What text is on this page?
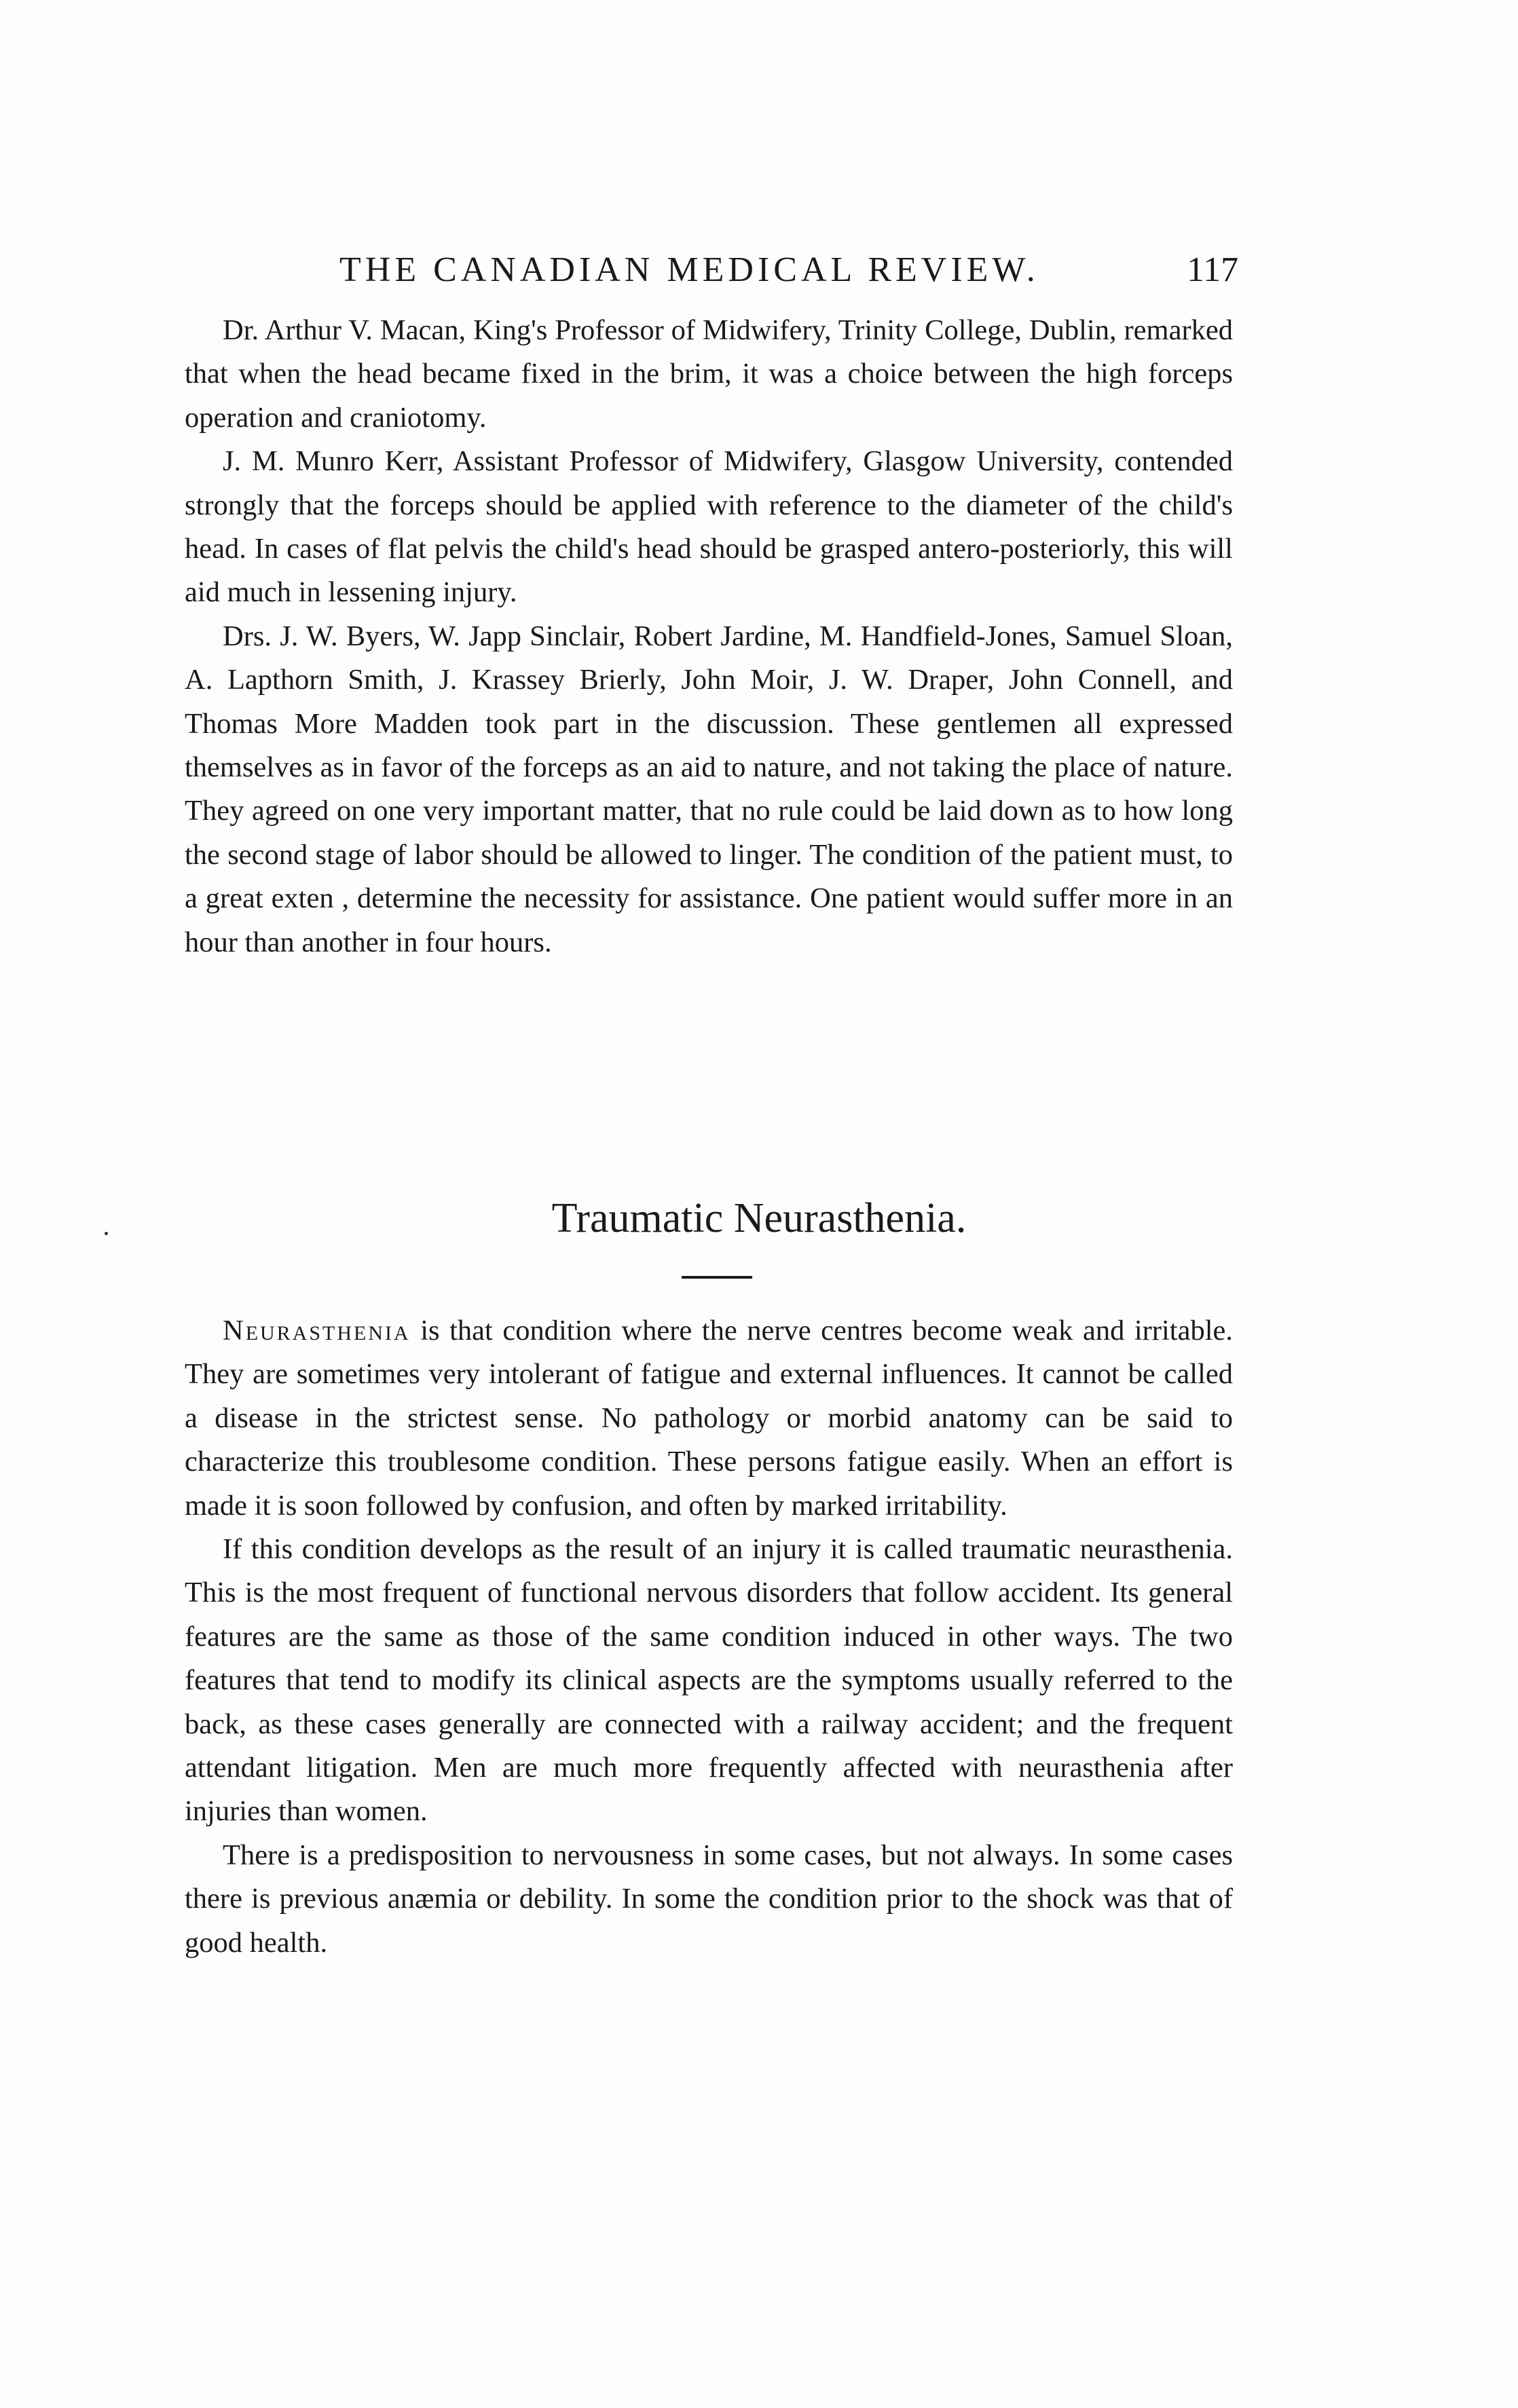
THE CANADIAN MEDICAL REVIEW.	117

Dr. Arthur V. Macan, King's Professor of Midwifery, Trinity College, Dublin, remarked that when the head became fixed in the brim, it was a choice between the high forceps operation and craniotomy.

J. M. Munro Kerr, Assistant Professor of Midwifery, Glasgow University, contended strongly that the forceps should be applied with reference to the diameter of the child's head. In cases of flat pelvis the child's head should be grasped antero-posteriorly, this will aid much in lessening injury.

Drs. J. W. Byers, W. Japp Sinclair, Robert Jardine, M. Handfield-Jones, Samuel Sloan, A. Lapthorn Smith, J. Krassey Brierly, John Moir, J. W. Draper, John Connell, and Thomas More Madden took part in the discussion. These gentlemen all expressed themselves as in favor of the forceps as an aid to nature, and not taking the place of nature. They agreed on one very important matter, that no rule could be laid down as to how long the second stage of labor should be allowed to linger. The condition of the patient must, to a great exten , determine the necessity for assistance. One patient would suffer more in an hour than another in four hours.

Traumatic Neurasthenia.

Neurasthenia is that condition where the nerve centres become weak and irritable. They are sometimes very intolerant of fatigue and external influences. It cannot be called a disease in the strictest sense. No pathology or morbid anatomy can be said to characterize this troublesome condition. These persons fatigue easily. When an effort is made it is soon followed by confusion, and often by marked irritability.

If this condition develops as the result of an injury it is called traumatic neurasthenia. This is the most frequent of functional nervous disorders that follow accident. Its general features are the same as those of the same condition induced in other ways. The two features that tend to modify its clinical aspects are the symptoms usually referred to the back, as these cases generally are connected with a railway accident; and the frequent attendant litigation. Men are much more frequently affected with neurasthenia after injuries than women.

There is a predisposition to nervousness in some cases, but not always. In some cases there is previous anæmia or debility. In some the condition prior to the shock was that of good health.
